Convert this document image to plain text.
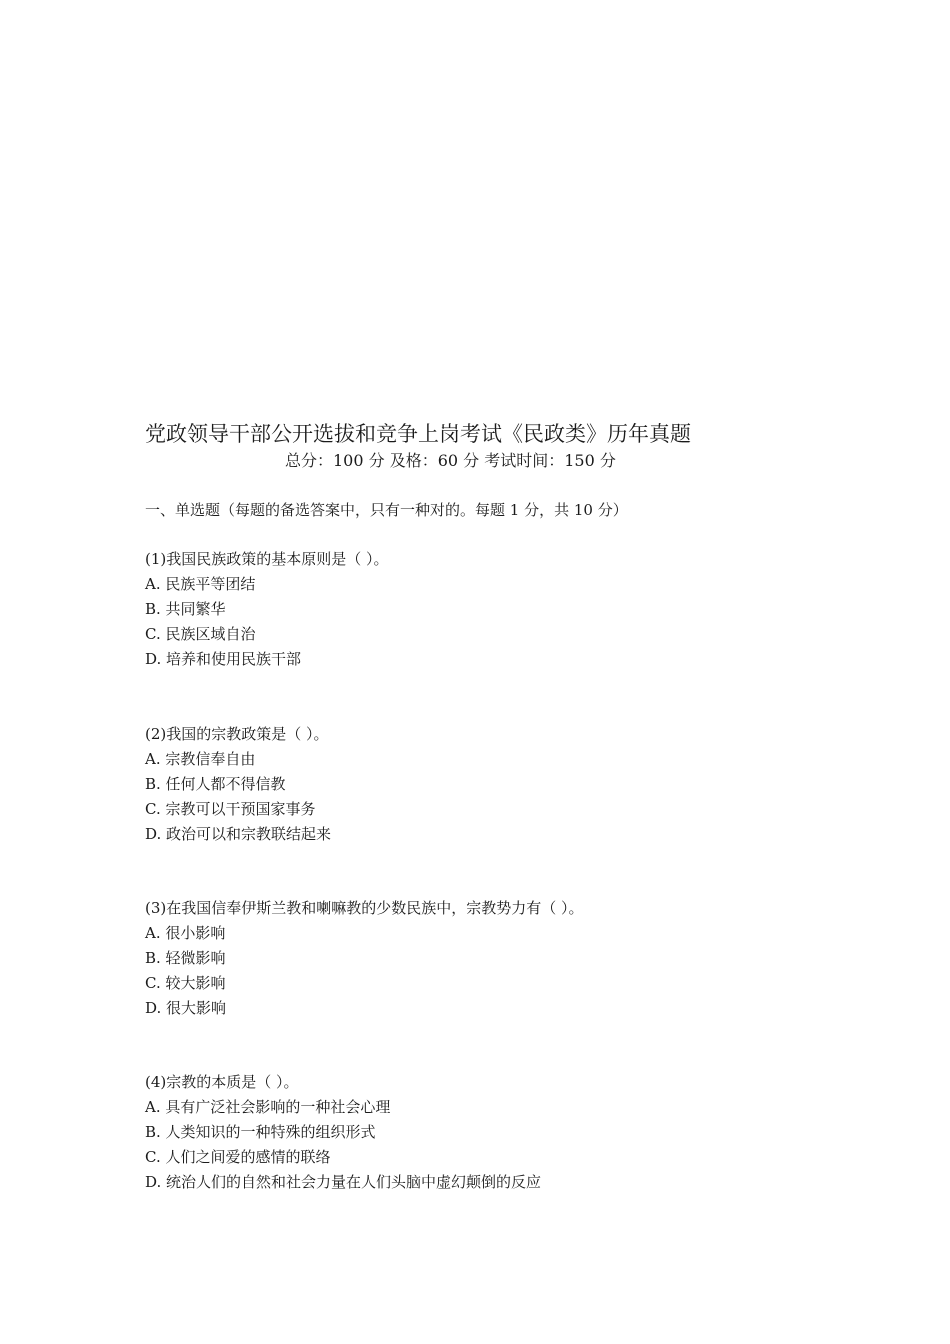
党政领导干部公开选拔和竞争上岗考试《民政类》历年真题
总分：100 分 及格：60 分 考试时间：150 分
一、单选题（每题的备选答案中，只有一种对的。每题 1 分，共 10 分）
(1)我国民族政策的基本原则是（ ）。
A. 民族平等团结
B. 共同繁华
C. 民族区域自治
D. 培养和使用民族干部
(2)我国的宗教政策是（ ）。
A. 宗教信奉自由
B. 任何人都不得信教
C. 宗教可以干预国家事务
D. 政治可以和宗教联结起来
(3)在我国信奉伊斯兰教和喇嘛教的少数民族中，宗教势力有（ ）。
A. 很小影响
B. 轻微影响
C. 较大影响
D. 很大影响
(4)宗教的本质是（ ）。
A. 具有广泛社会影响的一种社会心理
B. 人类知识的一种特殊的组织形式
C. 人们之间爱的感情的联络
D. 统治人们的自然和社会力量在人们头脑中虚幻颠倒的反应
